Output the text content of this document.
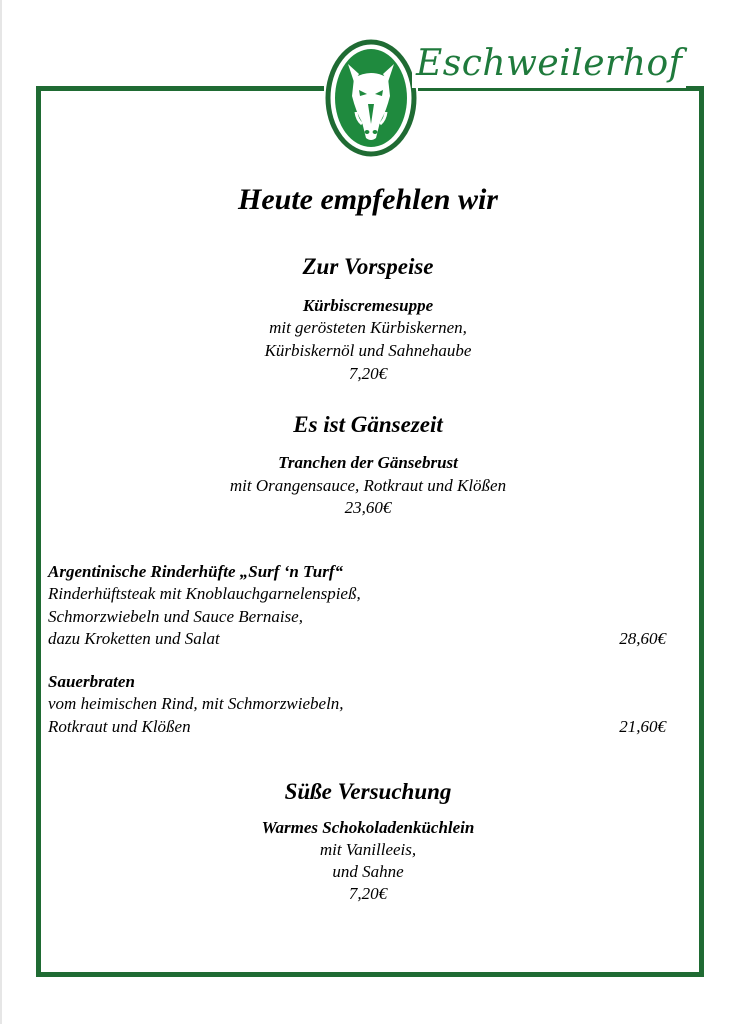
Eschweilerhof
Heute empfehlen wir
Zur Vorspeise
Kürbiscremesuppe
mit gerösteten Kürbiskernen,
Kürbiskernöl und Sahnehaube
7,20€
Es ist Gänsezeit
Tranchen der Gänsebrust
mit Orangensauce, Rotkraut und Klößen
23,60€
Argentinische Rinderhüfte „Surf ‘n Turf“
Rinderhüftsteak mit Knoblauchgarnelenspieß,
Schmorzwiebeln und Sauce Bernaise,
dazu Kroketten und Salat	28,60€
Sauerbraten
vom heimischen Rind, mit Schmorzwiebeln,
Rotkraut und Klößen	21,60€
Süße Versuchung
Warmes Schokoladenküchlein
mit Vanilleeis,
und Sahne
7,20€
